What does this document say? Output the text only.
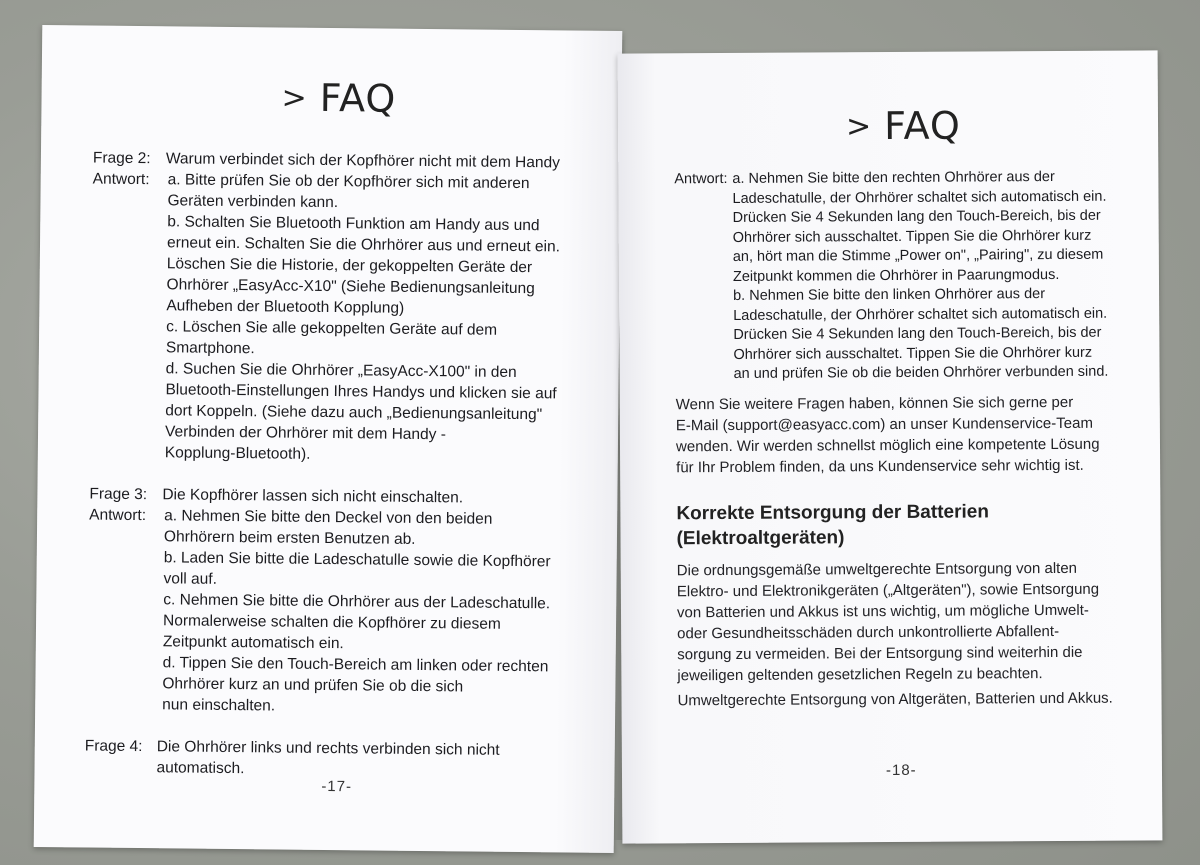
> FAQ
Frage 2: Warum verbindet sich der Kopfhörer nicht mit dem Handy
Antwort: a. Bitte prüfen Sie ob der Kopfhörer sich mit anderen
Geräten verbinden kann.
b. Schalten Sie Bluetooth Funktion am Handy aus und
erneut ein. Schalten Sie die Ohrhörer aus und erneut ein.
Löschen Sie die Historie, der gekoppelten Geräte der
Ohrhörer „EasyAcc-X10" (Siehe Bedienungsanleitung
Aufheben der Bluetooth Kopplung)
c. Löschen Sie alle gekoppelten Geräte auf dem
Smartphone.
d. Suchen Sie die Ohrhörer „EasyAcc-X100" in den
Bluetooth-Einstellungen Ihres Handys und klicken sie auf
dort Koppeln. (Siehe dazu auch „Bedienungsanleitung"
Verbinden der Ohrhörer mit dem Handy -
Kopplung-Bluetooth).
Frage 3: Die Kopfhörer lassen sich nicht einschalten.
Antwort: a. Nehmen Sie bitte den Deckel von den beiden
Ohrhörern beim ersten Benutzen ab.
b. Laden Sie bitte die Ladeschatulle sowie die Kopfhörer
voll auf.
c. Nehmen Sie bitte die Ohrhörer aus der Ladeschatulle.
Normalerweise schalten die Kopfhörer zu diesem
Zeitpunkt automatisch ein.
d. Tippen Sie den Touch-Bereich am linken oder rechten
Ohrhörer kurz an und prüfen Sie ob die sich
nun einschalten.
Frage 4: Die Ohrhörer links und rechts verbinden sich nicht
automatisch.
-17-
> FAQ
Antwort: a. Nehmen Sie bitte den rechten Ohrhörer aus der
Ladeschatulle, der Ohrhörer schaltet sich automatisch ein.
Drücken Sie 4 Sekunden lang den Touch-Bereich, bis der
Ohrhörer sich ausschaltet. Tippen Sie die Ohrhörer kurz
an, hört man die Stimme „Power on", „Pairing", zu diesem
Zeitpunkt kommen die Ohrhörer in Paarungmodus.
b. Nehmen Sie bitte den linken Ohrhörer aus der
Ladeschatulle, der Ohrhörer schaltet sich automatisch ein.
Drücken Sie 4 Sekunden lang den Touch-Bereich, bis der
Ohrhörer sich ausschaltet. Tippen Sie die Ohrhörer kurz
an und prüfen Sie ob die beiden Ohrhörer verbunden sind.
Wenn Sie weitere Fragen haben, können Sie sich gerne per
E-Mail (support@easyacc.com) an unser Kundenservice-Team
wenden. Wir werden schnellst möglich eine kompetente Lösung
für Ihr Problem finden, da uns Kundenservice sehr wichtig ist.
Korrekte Entsorgung der Batterien
(Elektroaltgeräten)
Die ordnungsgemäße umweltgerechte Entsorgung von alten
Elektro- und Elektronikgeräten („Altgeräten"), sowie Entsorgung
von Batterien und Akkus ist uns wichtig, um mögliche Umwelt-
oder Gesundheitsschäden durch unkontrollierte Abfallent-
sorgung zu vermeiden. Bei der Entsorgung sind weiterhin die
jeweiligen geltenden gesetzlichen Regeln zu beachten.
Umweltgerechte Entsorgung von Altgeräten, Batterien und Akkus.
-18-
